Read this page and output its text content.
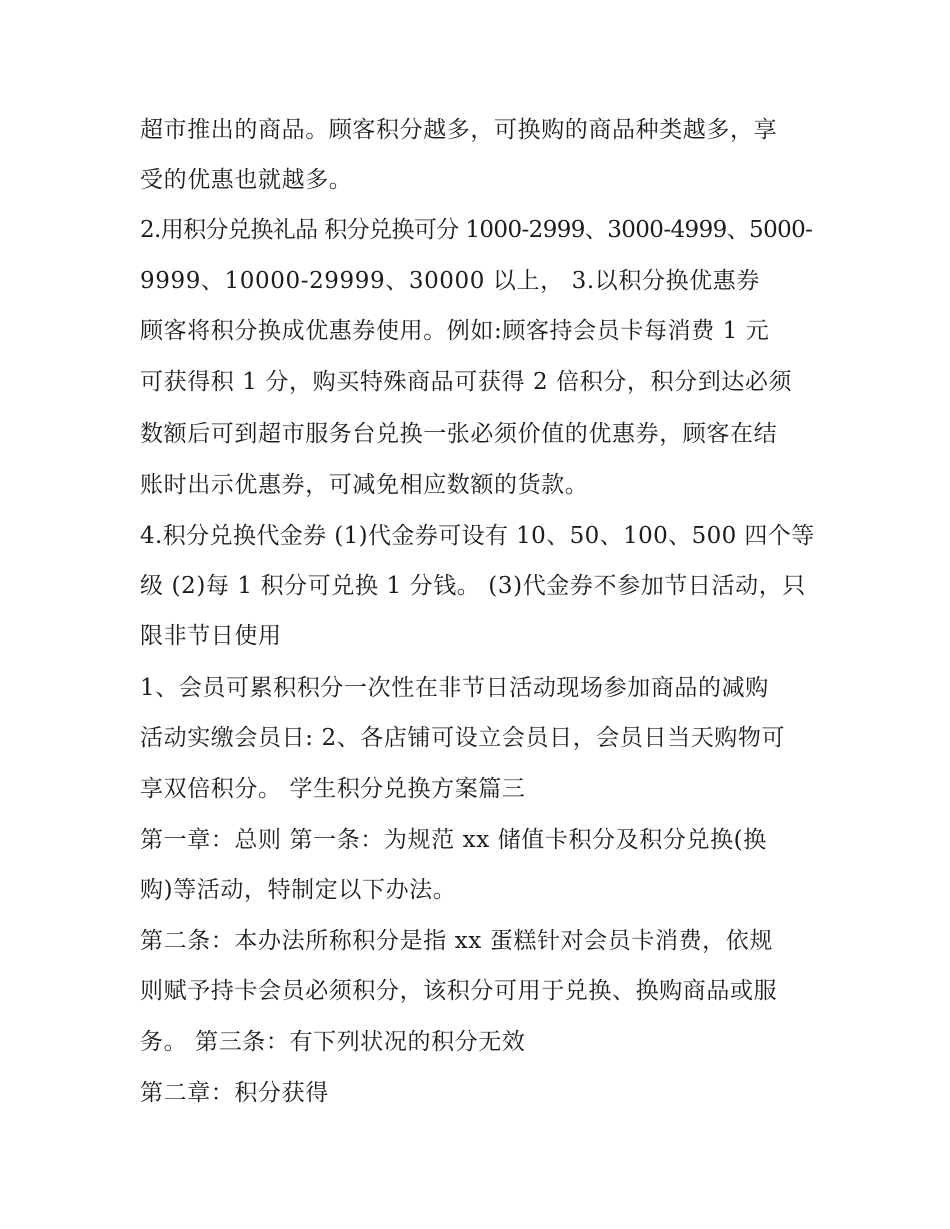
超市推出的商品。顾客积分越多，可换购的商品种类越多，享
受的优惠也就越多。
2.用积分兑换礼品 积分兑换可分 1000-2999、3000-4999、5000-
9999、10000-29999、30000 以上， 3.以积分换优惠券
顾客将积分换成优惠券使用。例如:顾客持会员卡每消费 1 元
可获得积 1 分，购买特殊商品可获得 2 倍积分，积分到达必须
数额后可到超市服务台兑换一张必须价值的优惠券，顾客在结
账时出示优惠券，可减免相应数额的货款。
4.积分兑换代金券 (1)代金券可设有 10、50、100、500 四个等
级 (2)每 1 积分可兑换 1 分钱。 (3)代金券不参加节日活动，只
限非节日使用
1、会员可累积积分一次性在非节日活动现场参加商品的减购
活动实缴会员日: 2、各店铺可设立会员日，会员日当天购物可
享双倍积分。 学生积分兑换方案篇三
第一章：总则 第一条：为规范 xx 储值卡积分及积分兑换(换
购)等活动，特制定以下办法。
第二条：本办法所称积分是指 xx 蛋糕针对会员卡消费，依规
则赋予持卡会员必须积分，该积分可用于兑换、换购商品或服
务。 第三条：有下列状况的积分无效
第二章：积分获得
